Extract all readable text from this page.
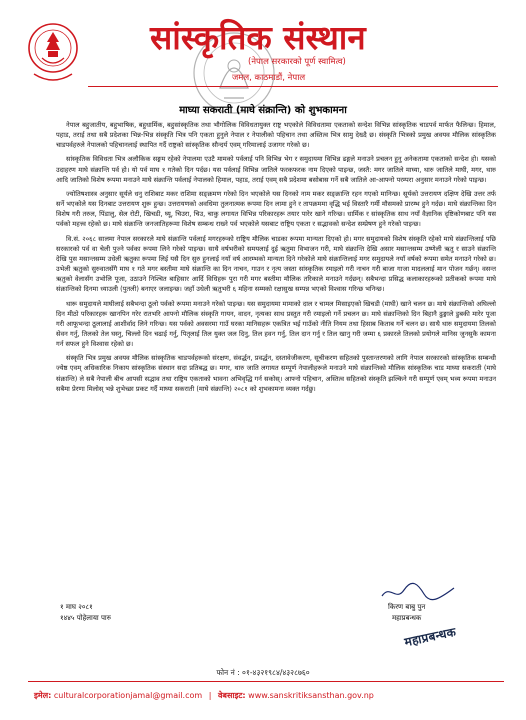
सांस्कृतिक संस्थान
(नेपाल सरकारको पूर्ण स्वामित्व)
जमल, काठमाडौं, नेपाल
माघ्या सकराती (माघे संक्रान्ति) को शुभकामना

नेपाल बहुजातीय, बहुभाषिक, बहुधार्मिक, बहुसांस्कृतिक तथा भौगोलिक विविधतायुक्त राष्ट्र भएकोले विविधतामा एकताको सन्देश विभिन्न सांस्कृतिक चाडपर्व मार्फत फैलिन्छ। हिमाल, पहाड, तराई तथा सबै प्रदेशका भिन्न-भिन्न संस्कृति भित्र पनि एकता हुनुले नेपाल र नेपालीको पहिचान तथा अस्तित्व भित्र सामु देख्दै छ। संस्कृति भित्रको प्रमुख अवयव मौलिक सांस्कृतिक चाडपर्वहरुले नेपालको पहिचानलाई स्थापित गर्दै राष्ट्रको सांस्कृतिक सौन्दर्य एवम् गरिमालाई उजागर गरेको छ।

सांस्कृतिक विविधता भित्र अलौकिक सङ्गम रहेको नेपालमा एउटै मामको पर्वलाई पनि विभिन्न भेग र समुदायमा विभिन्न ढङ्गले मनाउने प्रचलन हुनु अनेकतामा एकताको सन्देश हो। यसको उदाहरण माघे संक्रान्ति पर्व हो। यो पर्व माघ १ गतेको दिन पर्दछ। यस पर्वलाई विभिन्न जातिले फरकफरक नाम दिएको पाइन्छ, जस्तै: मगर जातिले माघ्या, थारु जातिले माघी, मगर, थारु आदि जातिको विशेष रूपमा मनाउने माघे संक्रान्ति पर्वलाई नेपालको हिमाल, पहाड, तराई एवम् सबै प्रदेशमा बसोबास गर्ने सबै जातिले आ-आफ्नो परम्परा अनुसार मनाउने गरेको पाइन्छ।

ज्योतिषशास्त्र अनुसार सूर्यले धनु राशिबाट मकर राशिमा सङ्क्रमण गरेको दिन भएकोले यस दिनको नाम मकर सङ्क्रान्ति रहन गएको मानिन्छ। सूर्यको उत्तरायण दक्षिण देखि उत्तर तर्फ सर्ने भएकोले यस दिनबाट उत्तरायण शुरू हुन्छ। उत्तरायणको अवधिमा तुलनात्मक रूपमा दिन लामा हुने र तापक्रममा वृद्धि भई विस्तारै गर्मी मौसमको प्रारम्भ हुने गर्दछ। माघे संक्रान्तिका दिन विशेष गरी तरुल, पिंडालु, सेल रोटी, खिचडी, घ्यू, चिउरा, चिउ, चाकु लगायत विभिन्न परिकारहरू तयार पारेर खाने गरिन्छ। धार्मिक र सांस्कृतिक साथ नयाँ वैज्ञानिक दृष्टिकोणबाट पनि यस पर्वको महत्त्व रहेको छ। माघे संक्रान्ति जनजातिहरूमा विशेष सम्बन्ध राख्ने पर्व भएकोले यसबाट राष्ट्रिय एकता र सद्भावको सन्देश सम्प्रेषण हुने गरेको पाइन्छ।

वि.सं. २०६८ सालमा नेपाल सरकारले माघे संक्रान्ति पर्वलाई मगरहरूको राष्ट्रिय मौलिक चाडका रूपमा मान्यता दिएको हो। मगर समुदायको विशेष संस्कृति रहेको माघे संक्रान्तिलाई पछि सरकारको पर्व वा चेली पुज्ने पर्वका रूपमा लिने गरेको पाइन्छ। साथै वर्षभरीको समयलाई दुई ऋतुमा विभाजन गरी, माघे संक्रान्ति देखि असार मसान्तसम्म उष्णेली ऋतु र साउने संक्रान्ति देखि पुस मसान्तसम्म उधेली ऋतुका रूपमा लिई यसै दिन सुरु हुनलाई नयाँ वर्ष आरम्भको मान्यता दिने गरेकोले माघे संक्रान्तिलाई मगर समुदायले नयाँ वर्षको रूपमा समेत मनाउने गरेको छ। उभेली ऋतुको सुरुवातसँगै माघ १ गते मगर बस्तीमा माघे संक्रान्ति का दिन नाचन, गाउन र नृत्य जस्ता सांस्कृतिक रमाइलो गरी नाचन गरी बाजा गाजा मादललाई मान पोजन गर्छन्। वसन्त ऋतुको वेलासँग उभोलि पूजा, उठाउने निश्चित बाहिसार आर्दि विधिहरू पुरा गरी मगर बस्तीमा मौलिक तरिकाले मनाउने गर्दछन्। सबैभन्दा प्रसिद्ध कलाकारहरूको प्रतीकको रूपमा माघे संक्रान्तिको दिनमा ध्याउली (पुतली) बनाएर जलाइन्छ। जहाँ उधेली ऋतुभरी ६ महिना सम्मको रक्षासुख सम्पन्न भएको विश्वास गरिन्छ भनिन्छ।

थारू समुदायले माघीलाई सबैभन्दा ठूलो पर्वको रूपमा मनाउने गरेको पाइन्छ। यस समुदायमा मामाको दाल र चामल मिसाइएको खिचडी (माघी) खाने चलन छ। माघे संक्रान्तिको अघिल्लो दिन मीठो परिकारहरू खानपिन गरेर रातभरि आफ्नो मौलिक संस्कृति गायन, वादन, नृत्यका साथ प्रस्तुत गरी रमाइलो गर्ने प्रचलन छ। माघे संक्रान्तिको दिन बिहानै ढुङ्गाले डुबकी मारेर पूजा गरी आफूभन्दा ठूलालाई आशीर्वाद लिने गरिन्छ। यस पर्वको अवसरमा गाउँ घरका मानिसहरू एकत्रित भई गाउँको नीति नियम तथा हिसाब किताब गर्ने चलन छ। साथै थारु समुदायमा तिलको सेवन गर्नु, तिलको तेल घस्नु, चिल्लो दिन चढाई गर्नु, पितृलाई तिल युक्त जल दिनु, तिल हवन गर्नु, तिल दान गर्नु र तिल खानु गरी जम्मा ६ प्रकारले तिलको प्रयोगले मानिस जुनसुकै कामना गर्न सफल हुने विश्वास रहेको छ।

संस्कृति भित्र प्रमुख अवयव मौलिक सांस्कृतिक चाडपर्वहरूको संरक्षण, संवर्द्धन, प्रवर्द्धन, दस्तावेजीकरण, सूचीकरण सहितको पुस्तान्तरणको लागि नेपाल सरकारको सांस्कृतिक सम्बन्धी ज्येष्ठ एवम् अधिकारिक निकाय सांस्कृतिक संस्थान सदा प्रतिबद्ध छ। मगर, थारु जाति लगायत सम्पूर्ण नेपालीहरूले मनाउने माघे संक्रान्तिको मौलिक सांस्कृतिक चाड माघ्या सकराती (माघे संक्रान्ति) ले सबै नेपाली बीच आपसी सद्भाव तथा राष्ट्रिय एकताको भावना अभिवृद्धि गर्न सकोस्। आफ्नो पहिचान, अस्तित्व सहितको संस्कृति झल्किने गरी सम्पूर्ण एवम् भव्य रूपमा मनाउन सबैमा प्रेरणा मिलोस् भन्ने शुभेच्छा प्रकट गर्दै माघ्या सकराती (माघे संक्रान्ति) २०८१ को शुभकामना व्यक्त गर्दछु।

१ माघ २०८१
१४४५ पोहेलाया पारु
किरण बाबु पुन
महाप्रबन्धक
महाप्रबन्धक
फोन नं : ०१-४३२१९८४/४३२८७६०
इमेल: culturalcorporationjamal@gmail.com | वेबसाइट: www.sanskritiksansthan.gov.np
